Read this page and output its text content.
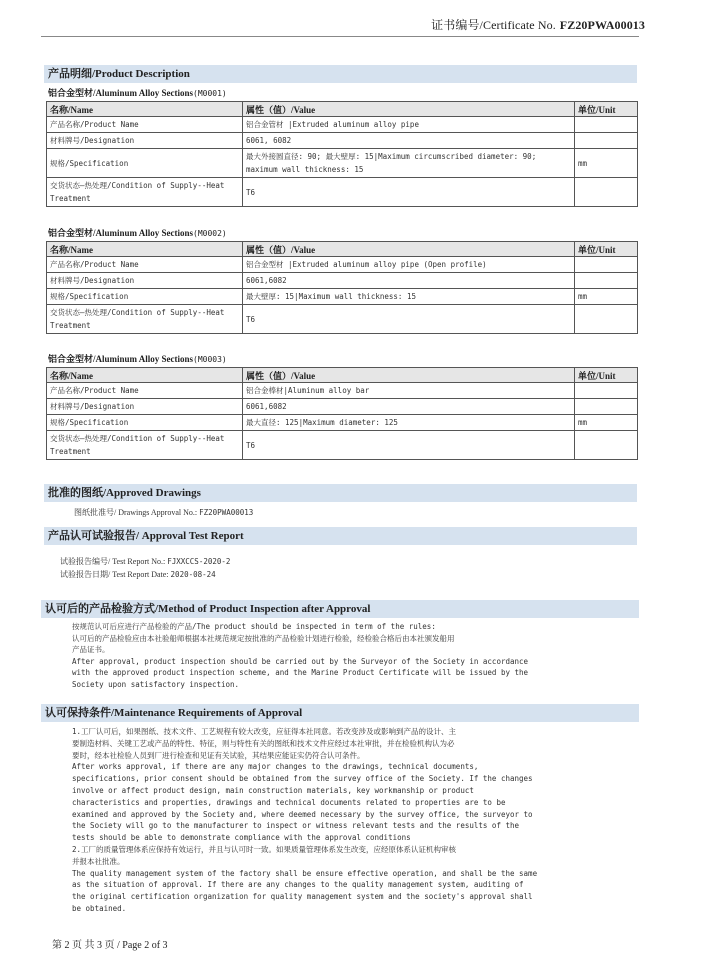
证书编号/Certificate No. FZ20PWA00013
产品明细/Product Description
铝合金型材/Aluminum Alloy Sections(M0001)
名称/Name	属性（值）/Value	单位/Unit
产品名称/Product Name	铝合金管材 |Extruded aluminum alloy pipe	
材料牌号/Designation	6061, 6082	
规格/Specification	最大外接圆直径: 90; 最大壁厚: 15|Maximum circumscribed diameter: 90; maximum wall thickness: 15	mm
交货状态—热处理/Condition of Supply--Heat Treatment	T6	
铝合金型材/Aluminum Alloy Sections(M0002)
名称/Name	属性（值）/Value	单位/Unit
产品名称/Product Name	铝合金型材 |Extruded aluminum alloy pipe (Open profile)	
材料牌号/Designation	6061,6082	
规格/Specification	最大壁厚: 15|Maximum wall thickness: 15	mm
交货状态—热处理/Condition of Supply--Heat Treatment	T6	
铝合金型材/Aluminum Alloy Sections(M0003)
名称/Name	属性（值）/Value	单位/Unit
产品名称/Product Name	铝合金棒材|Aluminum alloy bar	
材料牌号/Designation	6061,6082	
规格/Specification	最大直径: 125|Maximum diameter: 125	mm
交货状态—热处理/Condition of Supply--Heat Treatment	T6	
批准的图纸/Approved Drawings
图纸批准号/ Drawings Approval No.: FZ20PWA00013
产品认可试验报告/ Approval Test Report
试验报告编号/ Test Report No.: FJXXCCS-2020-2
试验报告日期/ Test Report Date: 2020-08-24
认可后的产品检验方式/Method of Product Inspection after Approval
按规范认可后应进行产品检验的产品/The product should be inspected in term of the rules:
认可后的产品检验应由本社验船师根据本社规范规定按批准的产品检验计划进行检验，经检验合格后由本社颁发船用
产品证书。
After approval, product inspection should be carried out by the Surveyor of the Society in accordance
with the approved product inspection scheme, and the Marine Product Certificate will be issued by the
Society upon satisfactory inspection.
认可保持条件/Maintenance Requirements of Approval
1.工厂认可后，如果图纸、技术文件、工艺规程有较大改变，应征得本社同意。若改变涉及或影响到产品的设计、主
要制造材料、关键工艺或产品的特性、特征，则与特性有关的图纸和技术文件应经过本社审批，并在检验机构认为必
要时，经本社检验人员到厂进行检查和见证有关试验，其结果应能证实仍符合认可条件。
After works approval, if there are any major changes to the drawings, technical documents,
specifications, prior consent should be obtained from the survey office of the Society. If the changes
involve or affect product design, main construction materials, key workmanship or product
characteristics and properties, drawings and technical documents related to properties are to be
examined and approved by the Society and, where deemed necessary by the survey office, the surveyor to
the Society will go to the manufacturer to inspect or witness relevant tests and the results of the
tests should be able to demonstrate compliance with the approval conditions
2.工厂的质量管理体系应保持有效运行，并且与认可时一致。如果质量管理体系发生改变，应经原体系认证机构审核
并报本社批准。
The quality management system of the factory shall be ensure effective operation, and shall be the same
as the situation of approval. If there are any changes to the quality management system, auditing of
the original certification organization for quality management system and the society's approval shall
be obtained.
第 2 页 共 3 页 / Page 2 of 3
